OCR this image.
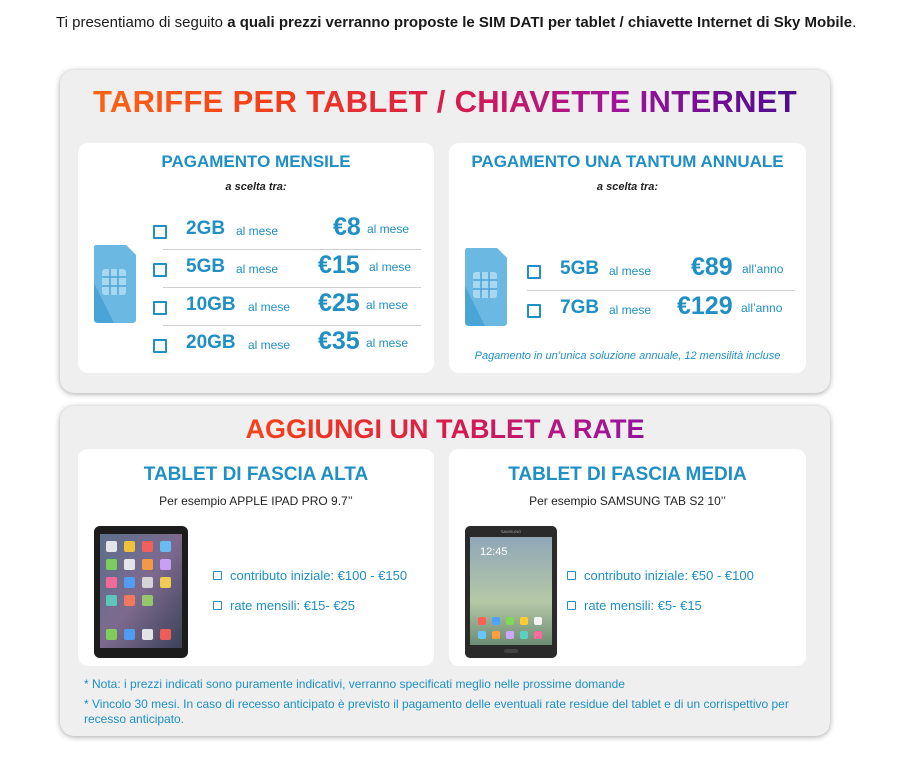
Ti presentiamo di seguito a quali prezzi verranno proposte le SIM DATI per tablet / chiavette Internet di Sky Mobile.
TARIFFE PER TABLET / CHIAVETTE INTERNET
PAGAMENTO MENSILE
a scelta tra:
2GB al mese €8 al mese
5GB al mese €15 al mese
10GB al mese €25 al mese
20GB al mese €35 al mese
PAGAMENTO UNA TANTUM ANNUALE
a scelta tra:
5GB al mese €89 all’anno
7GB al mese €129 all’anno
Pagamento in un’unica soluzione annuale, 12 mensilità incluse
AGGIUNGI UN TABLET A RATE
TABLET DI FASCIA ALTA
Per esempio APPLE IPAD PRO 9.7’’
contributo iniziale: €100 - €150
rate mensili: €15- €25
TABLET DI FASCIA MEDIA
Per esempio SAMSUNG TAB S2 10’’
SAMSUNG
12:45
contributo iniziale: €50 - €100
rate mensili: €5- €15
* Nota: i prezzi indicati sono puramente indicativi, verranno specificati meglio nelle prossime domande
* Vincolo 30 mesi. In caso di recesso anticipato è previsto il pagamento delle eventuali rate residue del tablet e di un corrispettivo per recesso anticipato.
